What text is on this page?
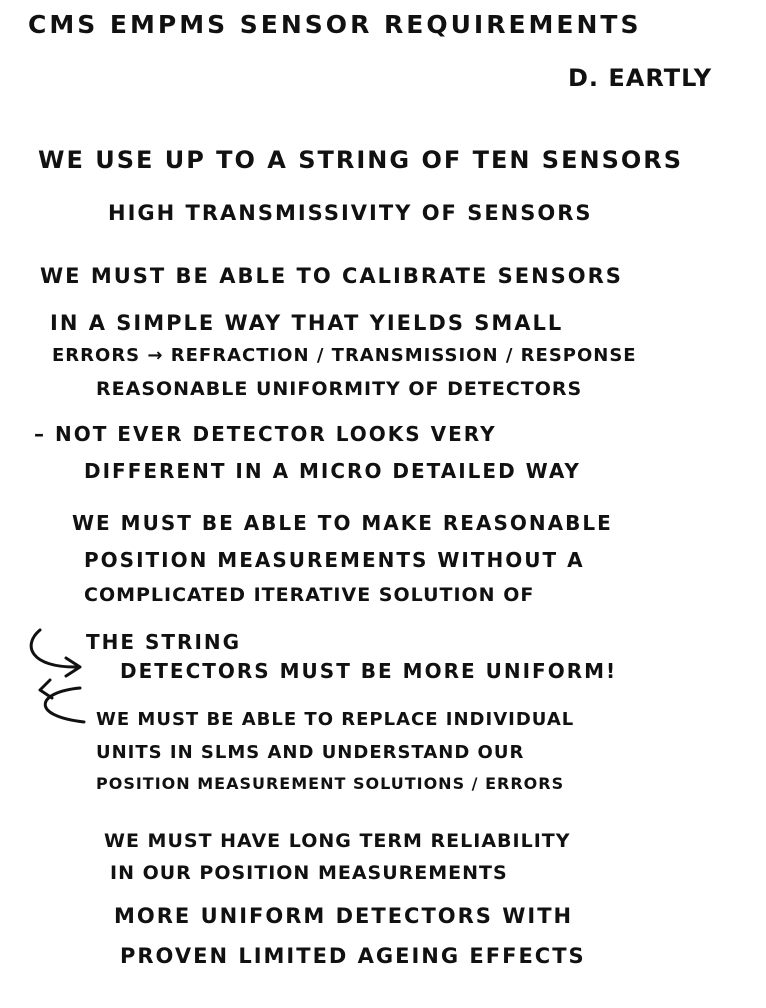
CMS EMPMS SENSOR REQUIREMENTS
D. EARTLY
WE USE UP TO A STRING OF TEN SENSORS
HIGH TRANSMISSIVITY OF SENSORS
WE MUST BE ABLE TO CALIBRATE SENSORS
IN A SIMPLE WAY THAT YIELDS SMALL
ERRORS → REFRACTION / TRANSMISSION / RESPONSE
REASONABLE UNIFORMITY OF DETECTORS
– NOT EVER DETECTOR LOOKS VERY
DIFFERENT IN A MICRO DETAILED WAY
WE MUST BE ABLE TO MAKE REASONABLE
POSITION MEASUREMENTS WITHOUT A
COMPLICATED ITERATIVE SOLUTION OF
THE STRING
DETECTORS MUST BE MORE UNIFORM!
WE MUST BE ABLE TO REPLACE INDIVIDUAL
UNITS IN SLMS AND UNDERSTAND OUR
POSITION MEASUREMENT SOLUTIONS / ERRORS
WE MUST HAVE LONG TERM RELIABILITY
IN OUR POSITION MEASUREMENTS
MORE UNIFORM DETECTORS WITH
PROVEN LIMITED AGEING EFFECTS
